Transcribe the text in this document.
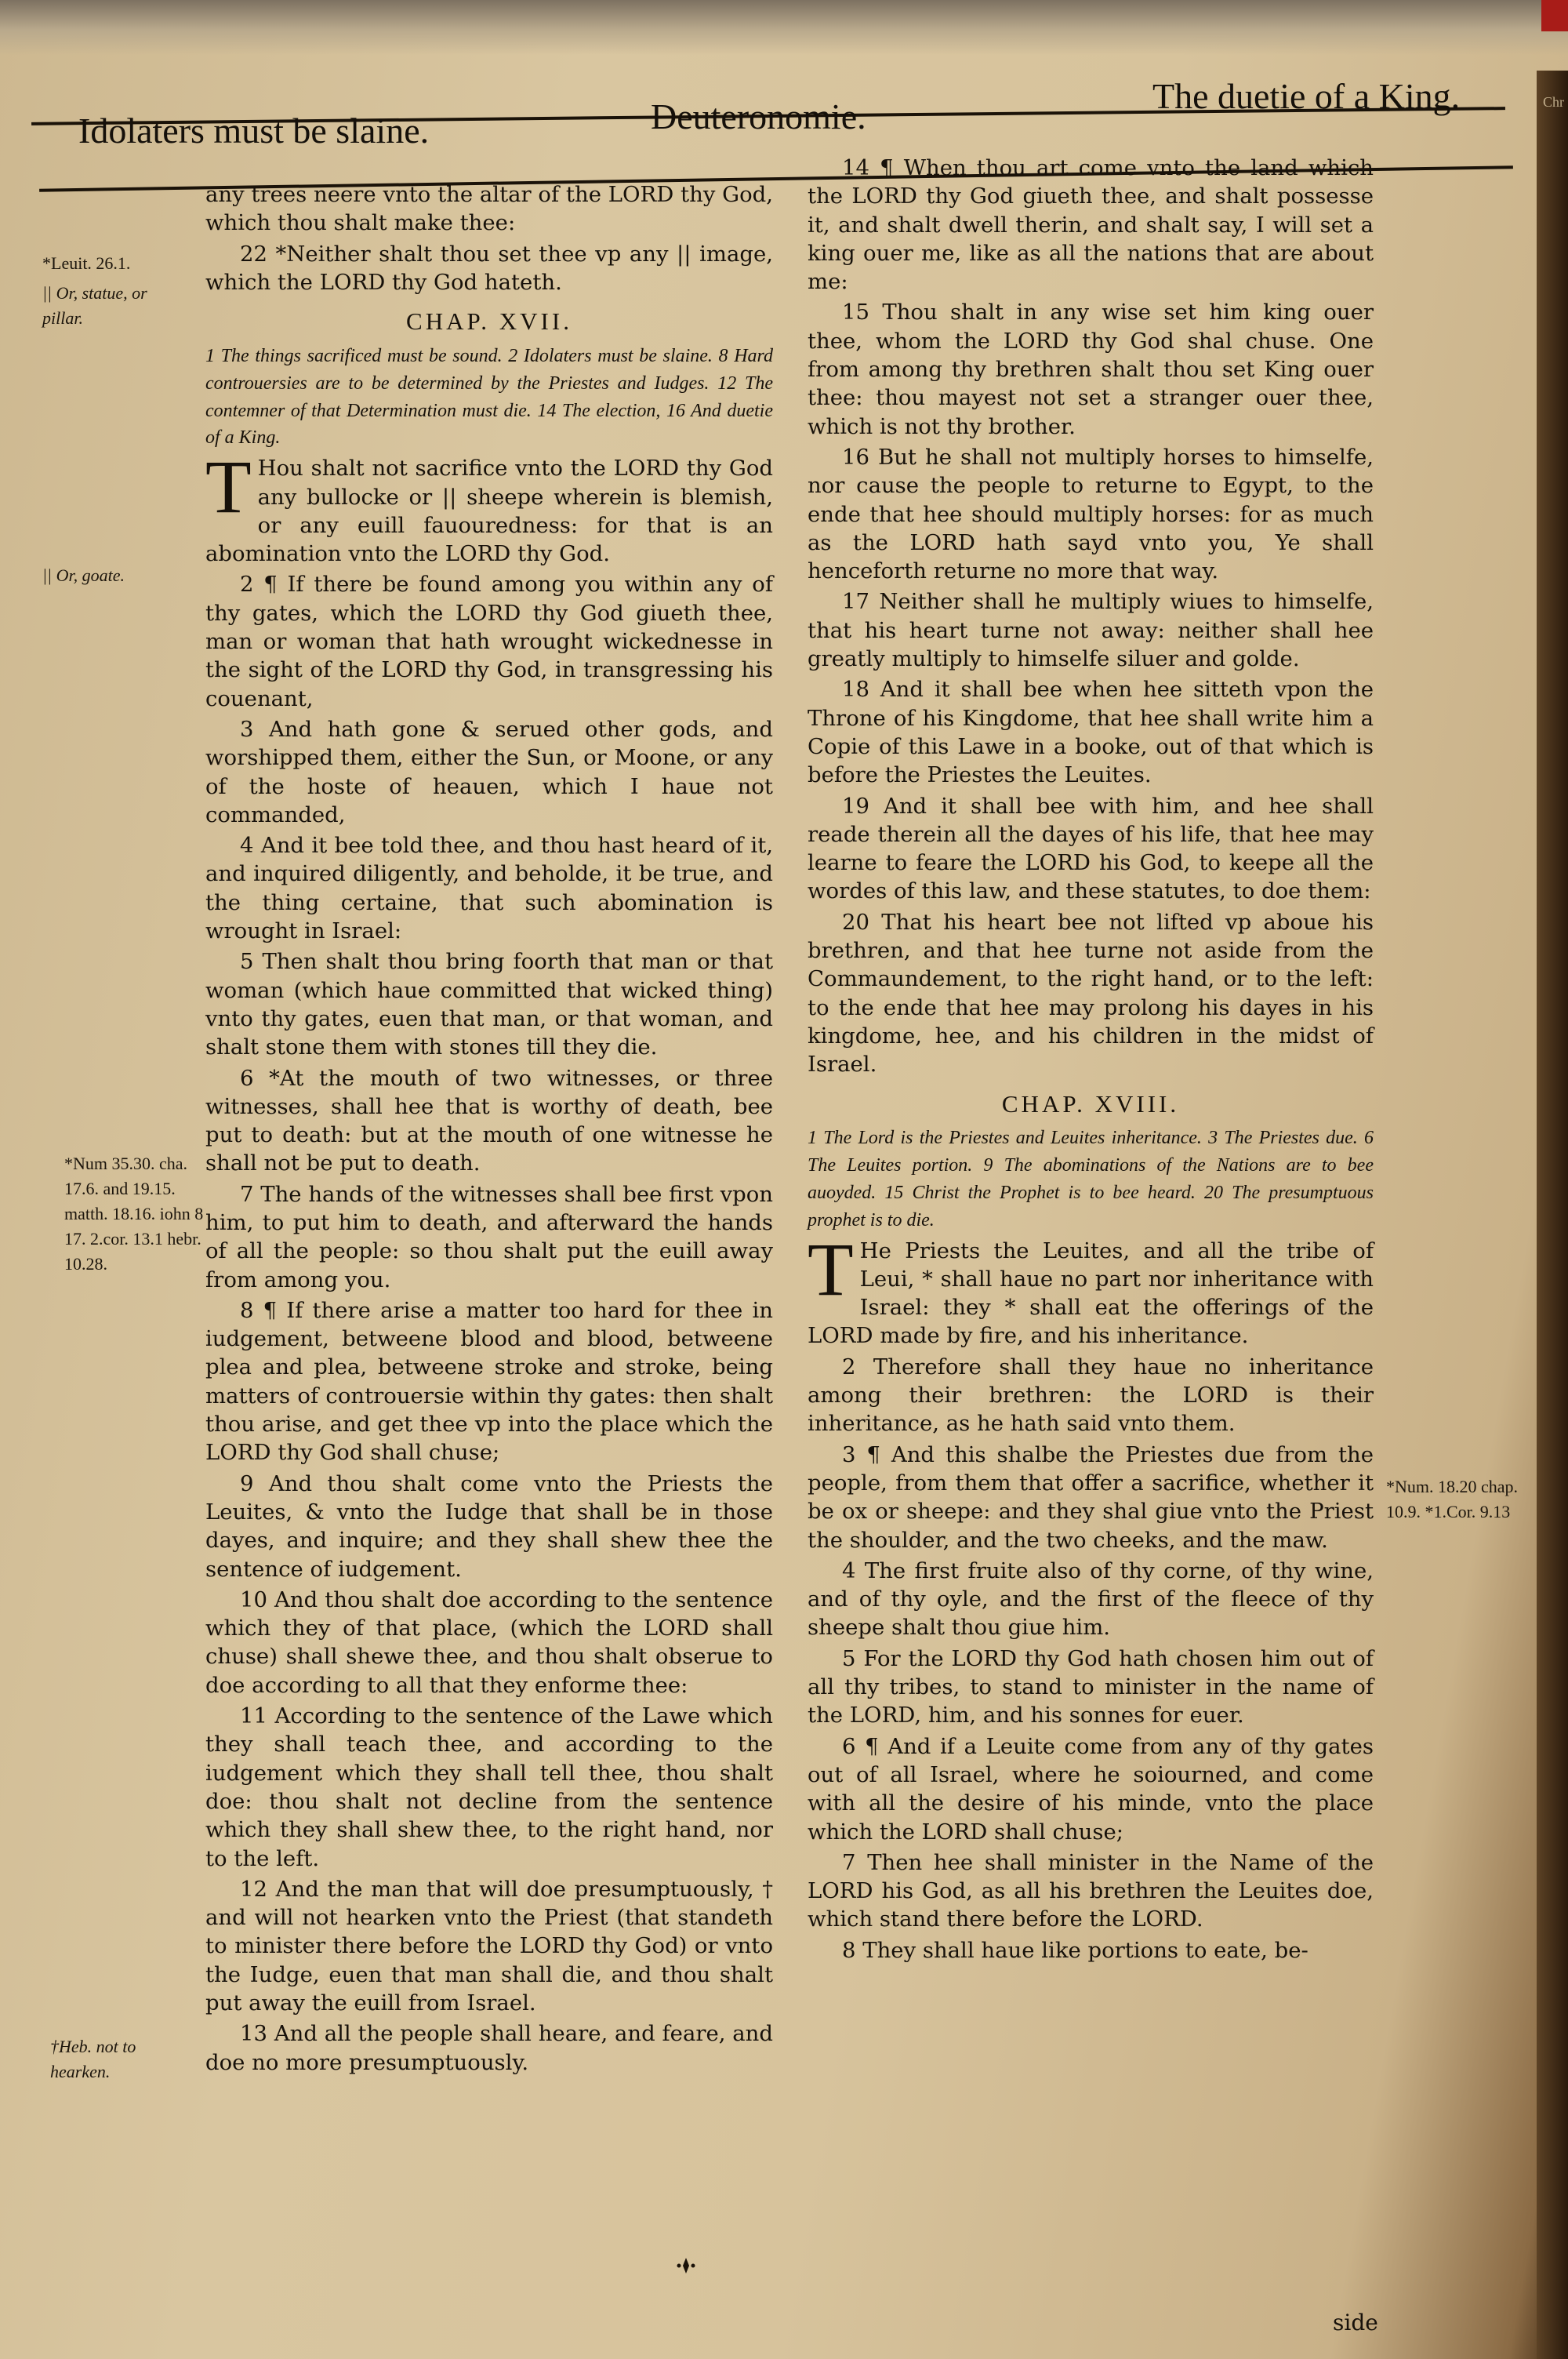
Chr
Idolaters must be slaine.	Deuteronomie.
The duetie of a King.
*Leuit. 26.1.
|| Or, statue, or pillar.
|| Or, goate.
*Num 35.30. cha. 17.6. and 19.15. matth. 18.16. iohn 8 17. 2.cor. 13.1 hebr. 10.28.
†Heb. not to hearken.
*Num. 18.20 chap. 10.9. *1.Cor. 9.13

any trees neere vnto the altar of the LORD thy God, which thou shalt make thee:

22 *Neither shalt thou set thee vp any || image, which the LORD thy God hateth.

CHAP. XVII.

1 The things sacrificed must be sound. 2 Idolaters must be slaine. 8 Hard controuersies are to be determined by the Priestes and Iudges. 12 The contemner of that Determination must die. 14 The election, 16 And duetie of a King.

T Hou shalt not sacrifice vnto the LORD thy God any bullocke or || sheepe wherein is blemish, or any euill fauouredness: for that is an abomination vnto the LORD thy God.

2 ¶ If there be found among you within any of thy gates, which the LORD thy God giueth thee, man or woman that hath wrought wickednesse in the sight of the LORD thy God, in transgressing his couenant,

3 And hath gone & serued other gods, and worshipped them, either the Sun, or Moone, or any of the hoste of heauen, which I haue not commanded,

4 And it bee told thee, and thou hast heard of it, and inquired diligently, and beholde, it be true, and the thing certaine, that such abomination is wrought in Israel:

5 Then shalt thou bring foorth that man or that woman (which haue committed that wicked thing) vnto thy gates, euen that man, or that woman, and shalt stone them with stones till they die.

6 *At the mouth of two witnesses, or three witnesses, shall hee that is worthy of death, bee put to death: but at the mouth of one witnesse he shall not be put to death.

7 The hands of the witnesses shall bee first vpon him, to put him to death, and afterward the hands of all the people: so thou shalt put the euill away from among you.

8 ¶ If there arise a matter too hard for thee in iudgement, betweene blood and blood, betweene plea and plea, betweene stroke and stroke, being matters of controuersie within thy gates: then shalt thou arise, and get thee vp into the place which the LORD thy God shall chuse;

9 And thou shalt come vnto the Priests the Leuites, & vnto the Iudge that shall be in those dayes, and inquire; and they shall shew thee the sentence of iudgement.

10 And thou shalt doe according to the sentence which they of that place, (which the LORD shall chuse) shall shewe thee, and thou shalt obserue to doe according to all that they enforme thee:

11 According to the sentence of the Lawe which they shall teach thee, and according to the iudgement which they shall tell thee, thou shalt doe: thou shalt not decline from the sentence which they shall shew thee, to the right hand, nor to the left.

12 And the man that will doe presumptuously, † and will not hearken vnto the Priest (that standeth to minister there before the LORD thy God) or vnto the Iudge, euen that man shall die, and thou shalt put away the euill from Israel.

13 And all the people shall heare, and feare, and doe no more presumptuously.

14 ¶ When thou art come vnto the land which the LORD thy God giueth thee, and shalt possesse it, and shalt dwell therin, and shalt say, I will set a king ouer me, like as all the nations that are about me:

15 Thou shalt in any wise set him king ouer thee, whom the LORD thy God shal chuse. One from among thy brethren shalt thou set King ouer thee: thou mayest not set a stranger ouer thee, which is not thy brother.

16 But he shall not multiply horses to himselfe, nor cause the people to returne to Egypt, to the ende that hee should multiply horses: for as much as the LORD hath sayd vnto you, Ye shall henceforth returne no more that way.

17 Neither shall he multiply wiues to himselfe, that his heart turne not away: neither shall hee greatly multiply to himselfe siluer and golde.

18 And it shall bee when hee sitteth vpon the Throne of his Kingdome, that hee shall write him a Copie of this Lawe in a booke, out of that which is before the Priestes the Leuites.

19 And it shall bee with him, and hee shall reade therein all the dayes of his life, that hee may learne to feare the LORD his God, to keepe all the wordes of this law, and these statutes, to doe them:

20 That his heart bee not lifted vp aboue his brethren, and that hee turne not aside from the Commaundement, to the right hand, or to the left: to the ende that hee may prolong his dayes in his kingdome, hee, and his children in the midst of Israel.

CHAP. XVIII.

1 The Lord is the Priestes and Leuites inheritance. 3 The Priestes due. 6 The Leuites portion. 9 The abominations of the Nations are to bee auoyded. 15 Christ the Prophet is to bee heard. 20 The presumptuous prophet is to die.

T He Priests the Leuites, and all the tribe of Leui, * shall haue no part nor inheritance with Israel: they * shall eat the offerings of the LORD made by fire, and his inheritance.

2 Therefore shall they haue no inheritance among their brethren: the LORD is their inheritance, as he hath said vnto them.

3 ¶ And this shalbe the Priestes due from the people, from them that offer a sacrifice, whether it be ox or sheepe: and they shal giue vnto the Priest the shoulder, and the two cheeks, and the maw.

4 The first fruite also of thy corne, of thy wine, and of thy oyle, and the first of the fleece of thy sheepe shalt thou giue him.

5 For the LORD thy God hath chosen him out of all thy tribes, to stand to minister in the name of the LORD, him, and his sonnes for euer.

6 ¶ And if a Leuite come from any of thy gates out of all Israel, where he soiourned, and come with all the desire of his minde, vnto the place which the LORD shall chuse;

7 Then hee shall minister in the Name of the LORD his God, as all his brethren the Leuites doe, which stand there before the LORD.

8 They shall haue like portions to eate, be-

side
